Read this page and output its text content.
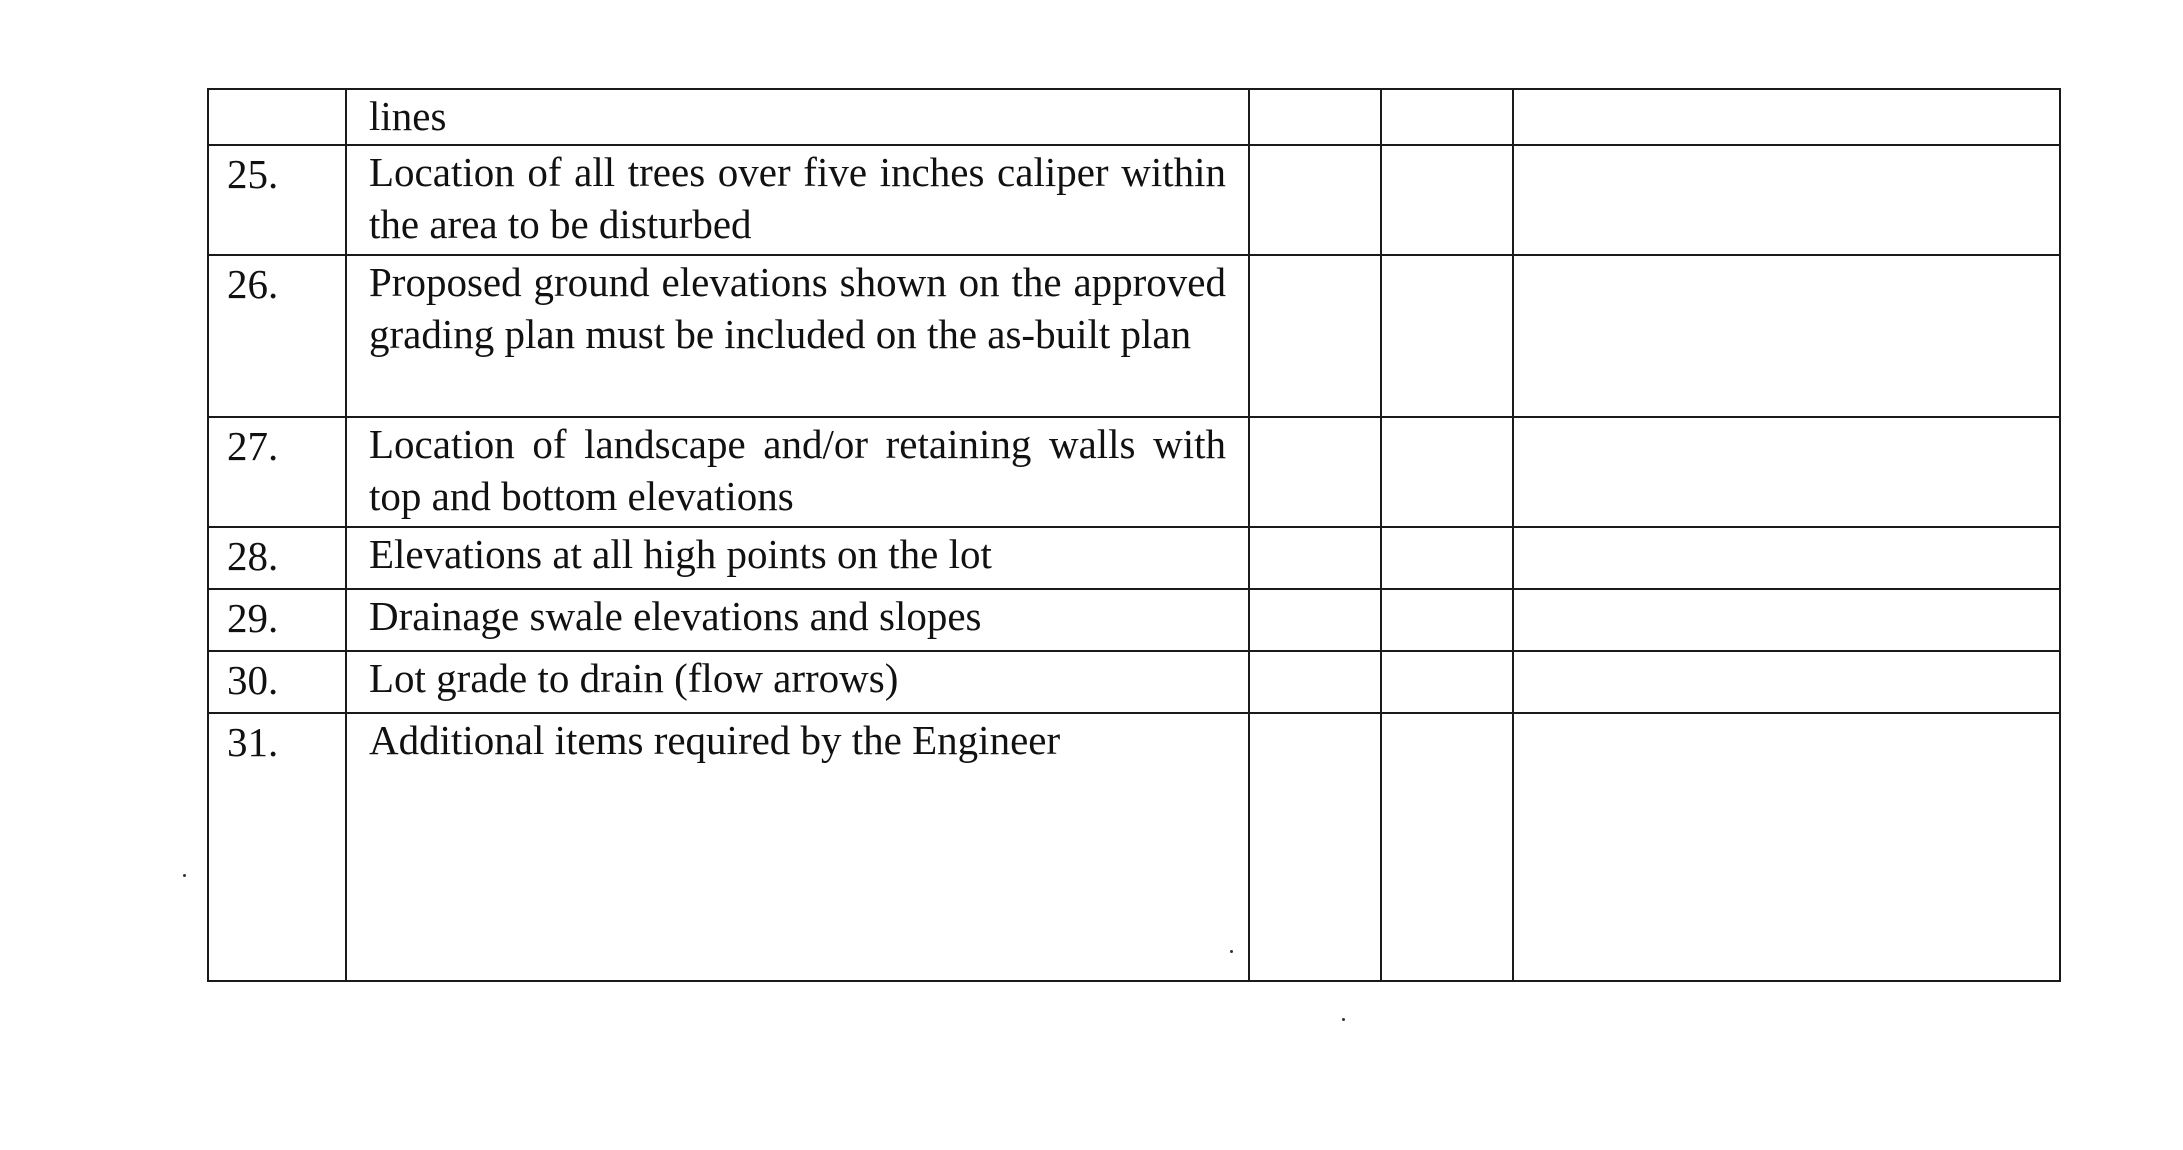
	lines			

25.	Location of all trees over five inches caliper within the area to be disturbed			

26.	Proposed ground elevations shown on the approved grading plan must be included on the as-built plan			

27.	Location of landscape and/or retaining walls with top and bottom elevations			

28.	Elevations at all high points on the lot			

29.	Drainage swale elevations and slopes			

30.	Lot grade to drain (flow arrows)			

31.	Additional items required by the Engineer			
